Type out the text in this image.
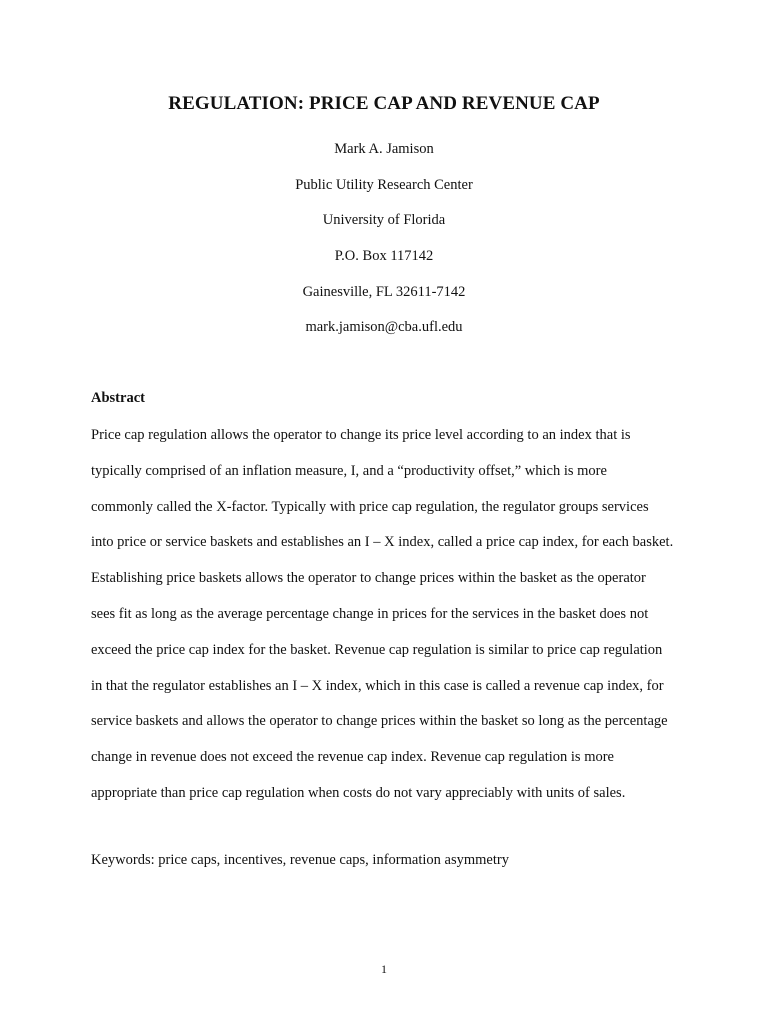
REGULATION: PRICE CAP AND REVENUE CAP
Mark A. Jamison
Public Utility Research Center
University of Florida
P.O. Box 117142
Gainesville, FL 32611-7142
mark.jamison@cba.ufl.edu
Abstract
Price cap regulation allows the operator to change its price level according to an index that is
typically comprised of an inflation measure, I, and a “productivity offset,” which is more
commonly called the X-factor. Typically with price cap regulation, the regulator groups services
into price or service baskets and establishes an I – X index, called a price cap index, for each basket.
Establishing price baskets allows the operator to change prices within the basket as the operator
sees fit as long as the average percentage change in prices for the services in the basket does not
exceed the price cap index for the basket. Revenue cap regulation is similar to price cap regulation
in that the regulator establishes an I – X index, which in this case is called a revenue cap index, for
service baskets and allows the operator to change prices within the basket so long as the percentage
change in revenue does not exceed the revenue cap index. Revenue cap regulation is more
appropriate than price cap regulation when costs do not vary appreciably with units of sales.
Keywords: price caps, incentives, revenue caps, information asymmetry
1
